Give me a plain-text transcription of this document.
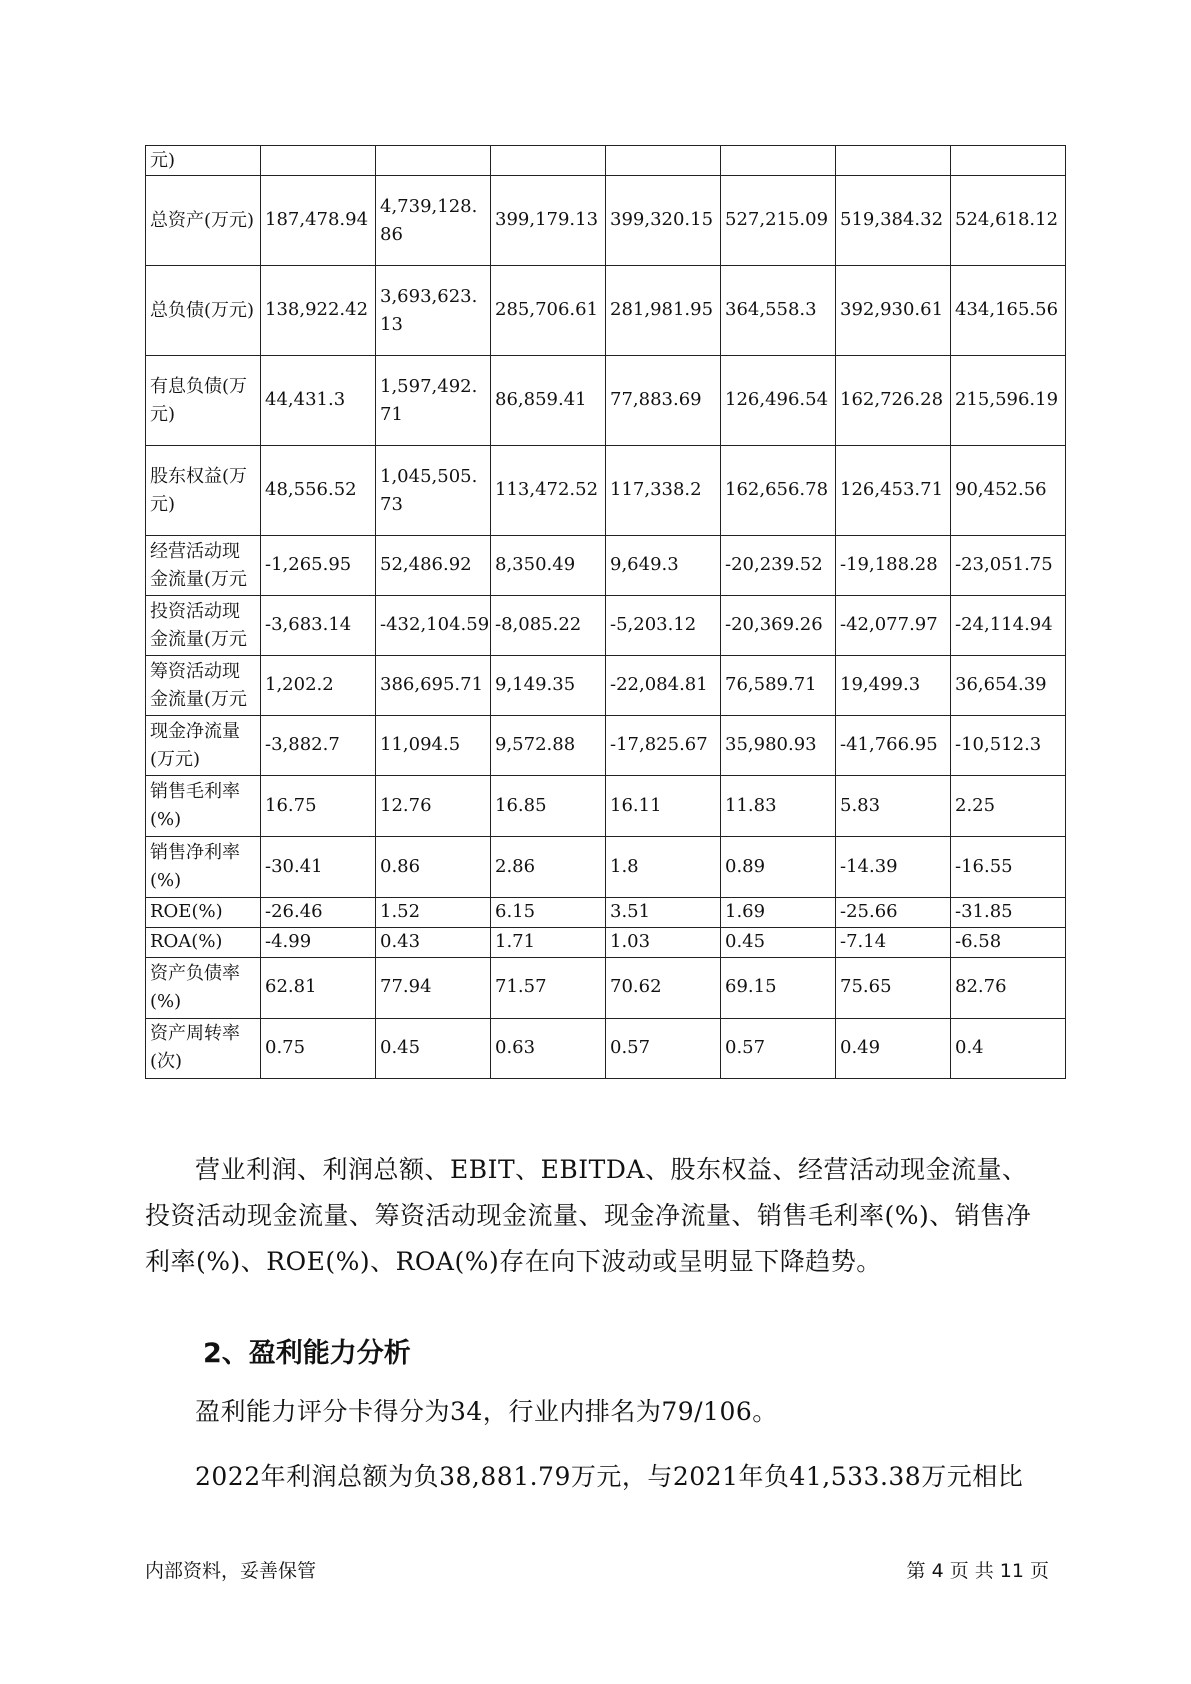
元)							
总资产(万元)	187,478.94	4,739,128.86	399,179.13	399,320.15	527,215.09	519,384.32	524,618.12
总负债(万元)	138,922.42	3,693,623.13	285,706.61	281,981.95	364,558.3	392,930.61	434,165.56
有息负债(万元)	44,431.3	1,597,492.71	86,859.41	77,883.69	126,496.54	162,726.28	215,596.19
股东权益(万元)	48,556.52	1,045,505.73	113,472.52	117,338.2	162,656.78	126,453.71	90,452.56
经营活动现金流量(万元	-1,265.95	52,486.92	8,350.49	9,649.3	-20,239.52	-19,188.28	-23,051.75
投资活动现金流量(万元	-3,683.14	-432,104.59	-8,085.22	-5,203.12	-20,369.26	-42,077.97	-24,114.94
筹资活动现金流量(万元	1,202.2	386,695.71	9,149.35	-22,084.81	76,589.71	19,499.3	36,654.39
现金净流量(万元)	-3,882.7	11,094.5	9,572.88	-17,825.67	35,980.93	-41,766.95	-10,512.3
销售毛利率(%)	16.75	12.76	16.85	16.11	11.83	5.83	2.25
销售净利率(%)	-30.41	0.86	2.86	1.8	0.89	-14.39	-16.55
ROE(%)	-26.46	1.52	6.15	3.51	1.69	-25.66	-31.85
ROA(%)	-4.99	0.43	1.71	1.03	0.45	-7.14	-6.58
资产负债率(%)	62.81	77.94	71.57	70.62	69.15	75.65	82.76
资产周转率(次)	0.75	0.45	0.63	0.57	0.57	0.49	0.4

营业利润、利润总额、EBIT、EBITDA、股东权益、经营活动现金流量、投资活动现金流量、筹资活动现金流量、现金净流量、销售毛利率(%)、销售净利率(%)、ROE(%)、ROA(%)存在向下波动或呈明显下降趋势。

2、盈利能力分析

盈利能力评分卡得分为34，行业内排名为79/106。

2022年利润总额为负38,881.79万元，与2021年负41,533.38万元相比

内部资料，妥善保管	第 4 页 共 11 页
